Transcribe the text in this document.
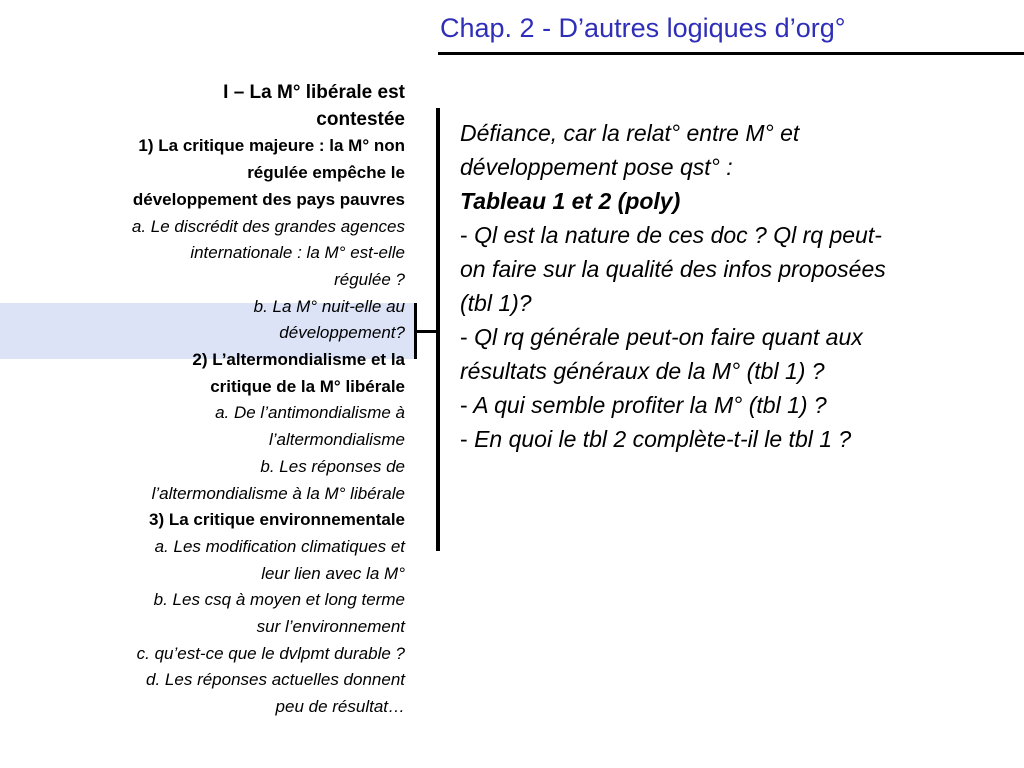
Chap. 2 - D’autres logiques d’org°
I – La M° libérale est
contestée
1) La critique majeure : la M° non
régulée empêche le
développement des pays pauvres
a. Le discrédit des grandes agences
internationale : la M° est-elle
régulée ?
b. La M° nuit-elle au
développement?
2) L’altermondialisme et la
critique de la M° libérale
a. De l’antimondialisme à
l’altermondialisme
b. Les réponses de
l’altermondialisme à la M° libérale
3) La critique environnementale
a. Les modification climatiques et
leur lien avec la M°
b. Les csq à moyen et long terme
sur l’environnement
c. qu’est-ce que le dvlpmt durable ?
d. Les réponses actuelles donnent
peu de résultat…
Défiance, car la relat° entre M° et
développement pose qst° :
Tableau 1 et 2 (poly)
- Ql est la nature de ces doc ? Ql rq peut-
on faire sur la qualité des infos proposées
(tbl 1)?
- Ql rq générale peut-on faire quant aux
résultats généraux de la M° (tbl 1) ?
- A qui semble profiter la M° (tbl 1) ?
- En quoi le tbl 2 complète-t-il le tbl 1 ?
